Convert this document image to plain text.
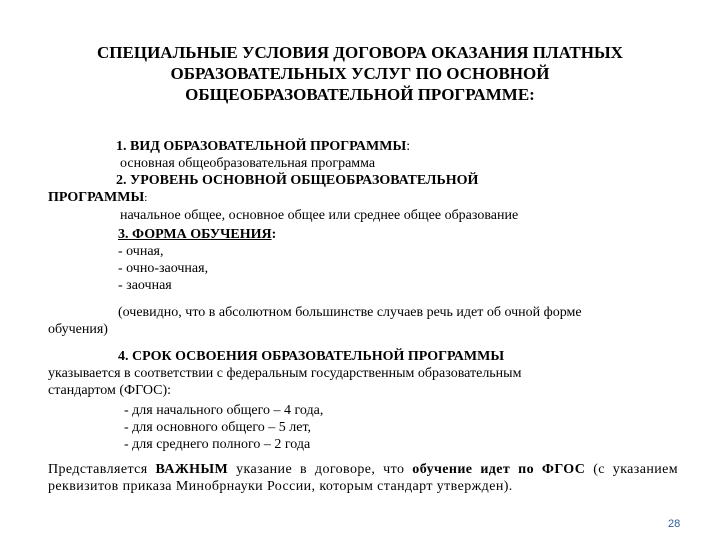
СПЕЦИАЛЬНЫЕ УСЛОВИЯ ДОГОВОРА ОКАЗАНИЯ ПЛАТНЫХ
ОБРАЗОВАТЕЛЬНЫХ УСЛУГ ПО ОСНОВНОЙ
ОБЩЕОБРАЗОВАТЕЛЬНОЙ ПРОГРАММЕ:
1. ВИД ОБРАЗОВАТЕЛЬНОЙ ПРОГРАММЫ:
основная общеобразовательная программа
2. УРОВЕНЬ ОСНОВНОЙ ОБЩЕОБРАЗОВАТЕЛЬНОЙ
ПРОГРАММЫ:
начальное общее, основное общее или среднее общее образование
3. ФОРМА ОБУЧЕНИЯ:
- очная,
- очно-заочная,
- заочная
(очевидно, что в абсолютном большинстве случаев речь идет об очной форме
обучения)
4. СРОК ОСВОЕНИЯ ОБРАЗОВАТЕЛЬНОЙ ПРОГРАММЫ
указывается в соответствии с федеральным государственным образовательным
стандартом (ФГОС):
- для начального общего – 4 года,
- для основного общего – 5 лет,
- для среднего полного – 2 года

Представляется ВАЖНЫМ указание в договоре, что обучение идет по ФГОС (с указанием реквизитов приказа Минобрнауки России, которым стандарт утвержден).

28
